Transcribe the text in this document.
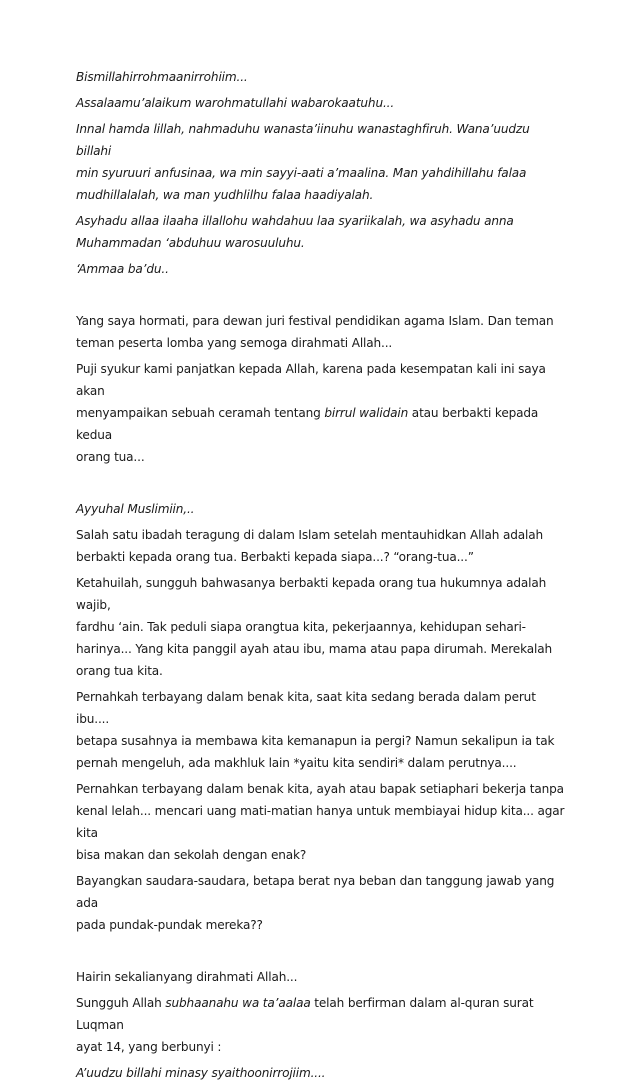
Bismillahirrohmaanirrohiim...

Assalaamu’alaikum warohmatullahi wabarokaatuhu...

Innal hamda lillah, nahmaduhu wanasta’iinuhu wanastaghfiruh. Wana’uudzu billahi
min syuruuri anfusinaa, wa min sayyi-aati a’maalina. Man yahdihillahu falaa
mudhillalalah, wa man yudhlilhu falaa haadiyalah.

Asyhadu allaa ilaaha illallohu wahdahuu laa syariikalah, wa asyhadu anna
Muhammadan ‘abduhuu warosuuluhu.

‘Ammaa ba’du..

Yang saya hormati, para dewan juri festival pendidikan agama Islam. Dan teman
teman peserta lomba yang semoga dirahmati Allah...

Puji syukur kami panjatkan kepada Allah, karena pada kesempatan kali ini saya akan
menyampaikan sebuah ceramah tentang birrul walidain atau berbakti kepada kedua
orang tua...

Ayyuhal Muslimiin,..

Salah satu ibadah teragung di dalam Islam setelah mentauhidkan Allah adalah
berbakti kepada orang tua. Berbakti kepada siapa...? “orang-tua...”

Ketahuilah, sungguh bahwasanya berbakti kepada orang tua hukumnya adalah wajib,
fardhu ‘ain. Tak peduli siapa orangtua kita, pekerjaannya, kehidupan sehari-
harinya... Yang kita panggil ayah atau ibu, mama atau papa dirumah. Merekalah
orang tua kita.

Pernahkah terbayang dalam benak kita, saat kita sedang berada dalam perut ibu....
betapa susahnya ia membawa kita kemanapun ia pergi? Namun sekalipun ia tak
pernah mengeluh, ada makhluk lain *yaitu kita sendiri* dalam perutnya....

Pernahkan terbayang dalam benak kita, ayah atau bapak setiaphari bekerja tanpa
kenal lelah... mencari uang mati-matian hanya untuk membiayai hidup kita... agar kita
bisa makan dan sekolah dengan enak?

Bayangkan saudara-saudara, betapa berat nya beban dan tanggung jawab yang ada
pada pundak-pundak mereka??

Hairin sekalianyang dirahmati Allah...

Sungguh Allah subhaanahu wa ta’aalaa telah berfirman dalam al-quran surat Luqman
ayat 14, yang berbunyi :

A’uudzu billahi minasy syaithoonirrojiim....
